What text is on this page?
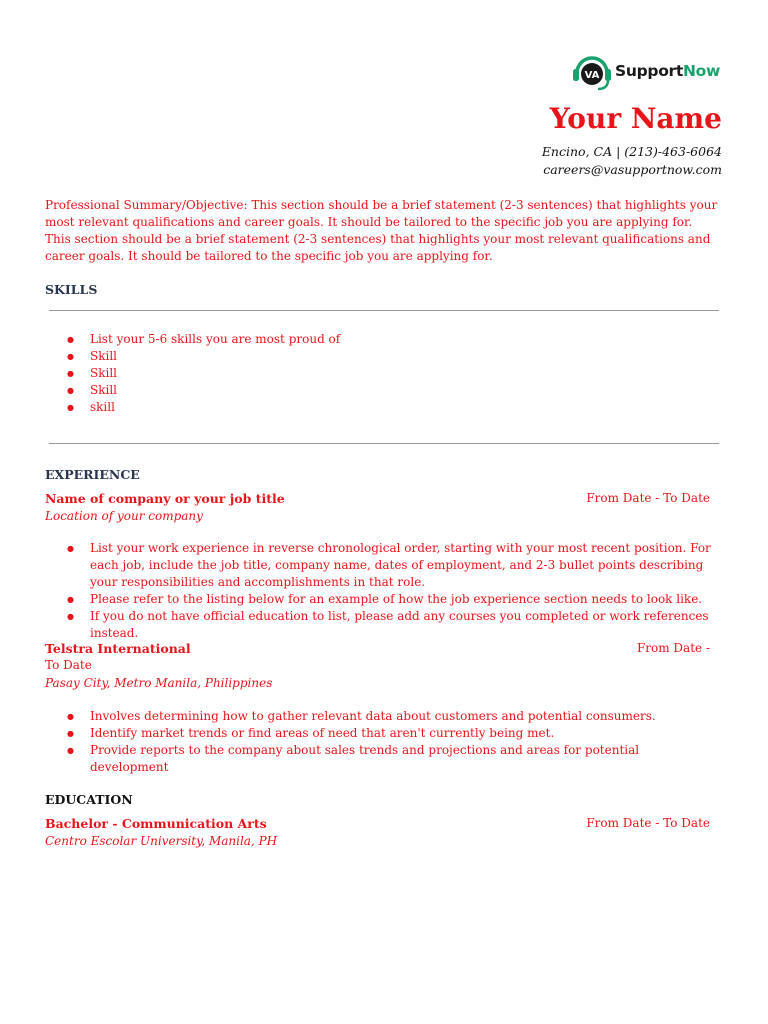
VA SupportNow
Your Name
Encino, CA | (213)-463-6064
careers@vasupportnow.com
Professional Summary/Objective: This section should be a brief statement (2-3 sentences) that highlights your most relevant qualifications and career goals. It should be tailored to the specific job you are applying for. This section should be a brief statement (2-3 sentences) that highlights your most relevant qualifications and career goals. It should be tailored to the specific job you are applying for.
SKILLS
● List your 5-6 skills you are most proud of
● Skill
● Skill
● Skill
● skill
EXPERIENCE
Name of company or your job title	From Date - To Date
Location of your company
● List your work experience in reverse chronological order, starting with your most recent position. For each job, include the job title, company name, dates of employment, and 2-3 bullet points describing your responsibilities and accomplishments in that role.
● Please refer to the listing below for an example of how the job experience section needs to look like.
● If you do not have official education to list, please add any courses you completed or work references instead.
Telstra International	From Date -
To Date
Pasay City, Metro Manila, Philippines
● Involves determining how to gather relevant data about customers and potential consumers.
● Identify market trends or find areas of need that aren't currently being met.
● Provide reports to the company about sales trends and projections and areas for potential development
EDUCATION
Bachelor - Communication Arts	From Date - To Date
Centro Escolar University, Manila, PH
